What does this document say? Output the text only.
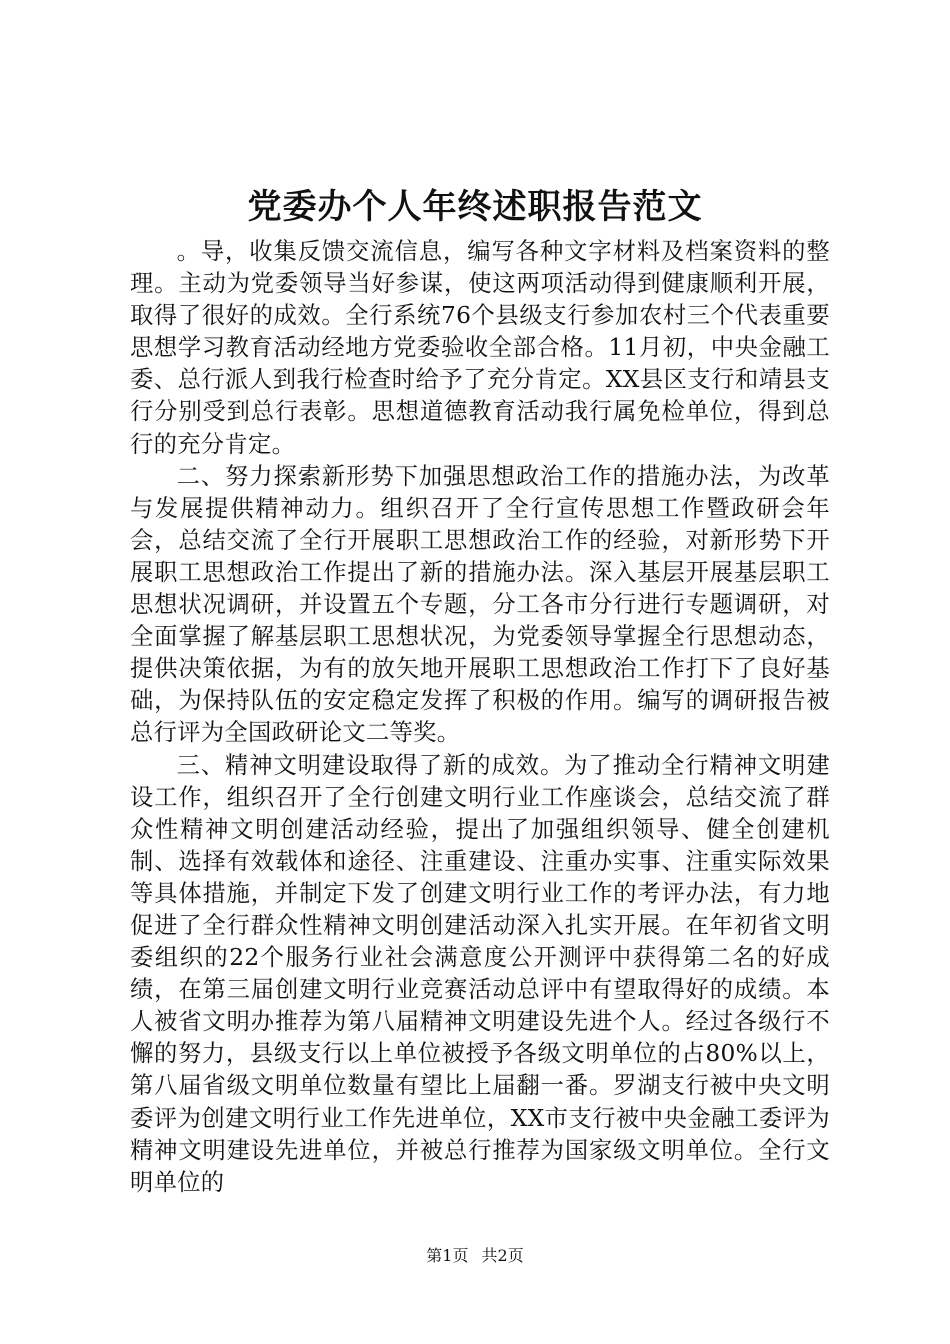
党委办个人年终述职报告范文

。导，收集反馈交流信息，编写各种文字材料及档案资料的整理。主动为党委领导当好参谋，使这两项活动得到健康顺利开展，取得了很好的成效。全行系统76个县级支行参加农村三个代表重要思想学习教育活动经地方党委验收全部合格。11月初，中央金融工委、总行派人到我行检查时给予了充分肯定。XX县区支行和靖县支行分别受到总行表彰。思想道德教育活动我行属免检单位，得到总行的充分肯定。

二、努力探索新形势下加强思想政治工作的措施办法，为改革与发展提供精神动力。组织召开了全行宣传思想工作暨政研会年会，总结交流了全行开展职工思想政治工作的经验，对新形势下开展职工思想政治工作提出了新的措施办法。深入基层开展基层职工思想状况调研，并设置五个专题，分工各市分行进行专题调研，对全面掌握了解基层职工思想状况，为党委领导掌握全行思想动态，提供决策依据，为有的放矢地开展职工思想政治工作打下了良好基础，为保持队伍的安定稳定发挥了积极的作用。编写的调研报告被总行评为全国政研论文二等奖。

三、精神文明建设取得了新的成效。为了推动全行精神文明建设工作，组织召开了全行创建文明行业工作座谈会，总结交流了群众性精神文明创建活动经验，提出了加强组织领导、健全创建机制、选择有效载体和途径、注重建设、注重办实事、注重实际效果等具体措施，并制定下发了创建文明行业工作的考评办法，有力地促进了全行群众性精神文明创建活动深入扎实开展。在年初省文明委组织的22个服务行业社会满意度公开测评中获得第二名的好成绩，在第三届创建文明行业竞赛活动总评中有望取得好的成绩。本人被省文明办推荐为第八届精神文明建设先进个人。经过各级行不懈的努力，县级支行以上单位被授予各级文明单位的占80%以上，第八届省级文明单位数量有望比上届翻一番。罗湖支行被中央文明委评为创建文明行业工作先进单位，XX市支行被中央金融工委评为精神文明建设先进单位，并被总行推荐为国家级文明单位。全行文明单位的

第1页 共2页
